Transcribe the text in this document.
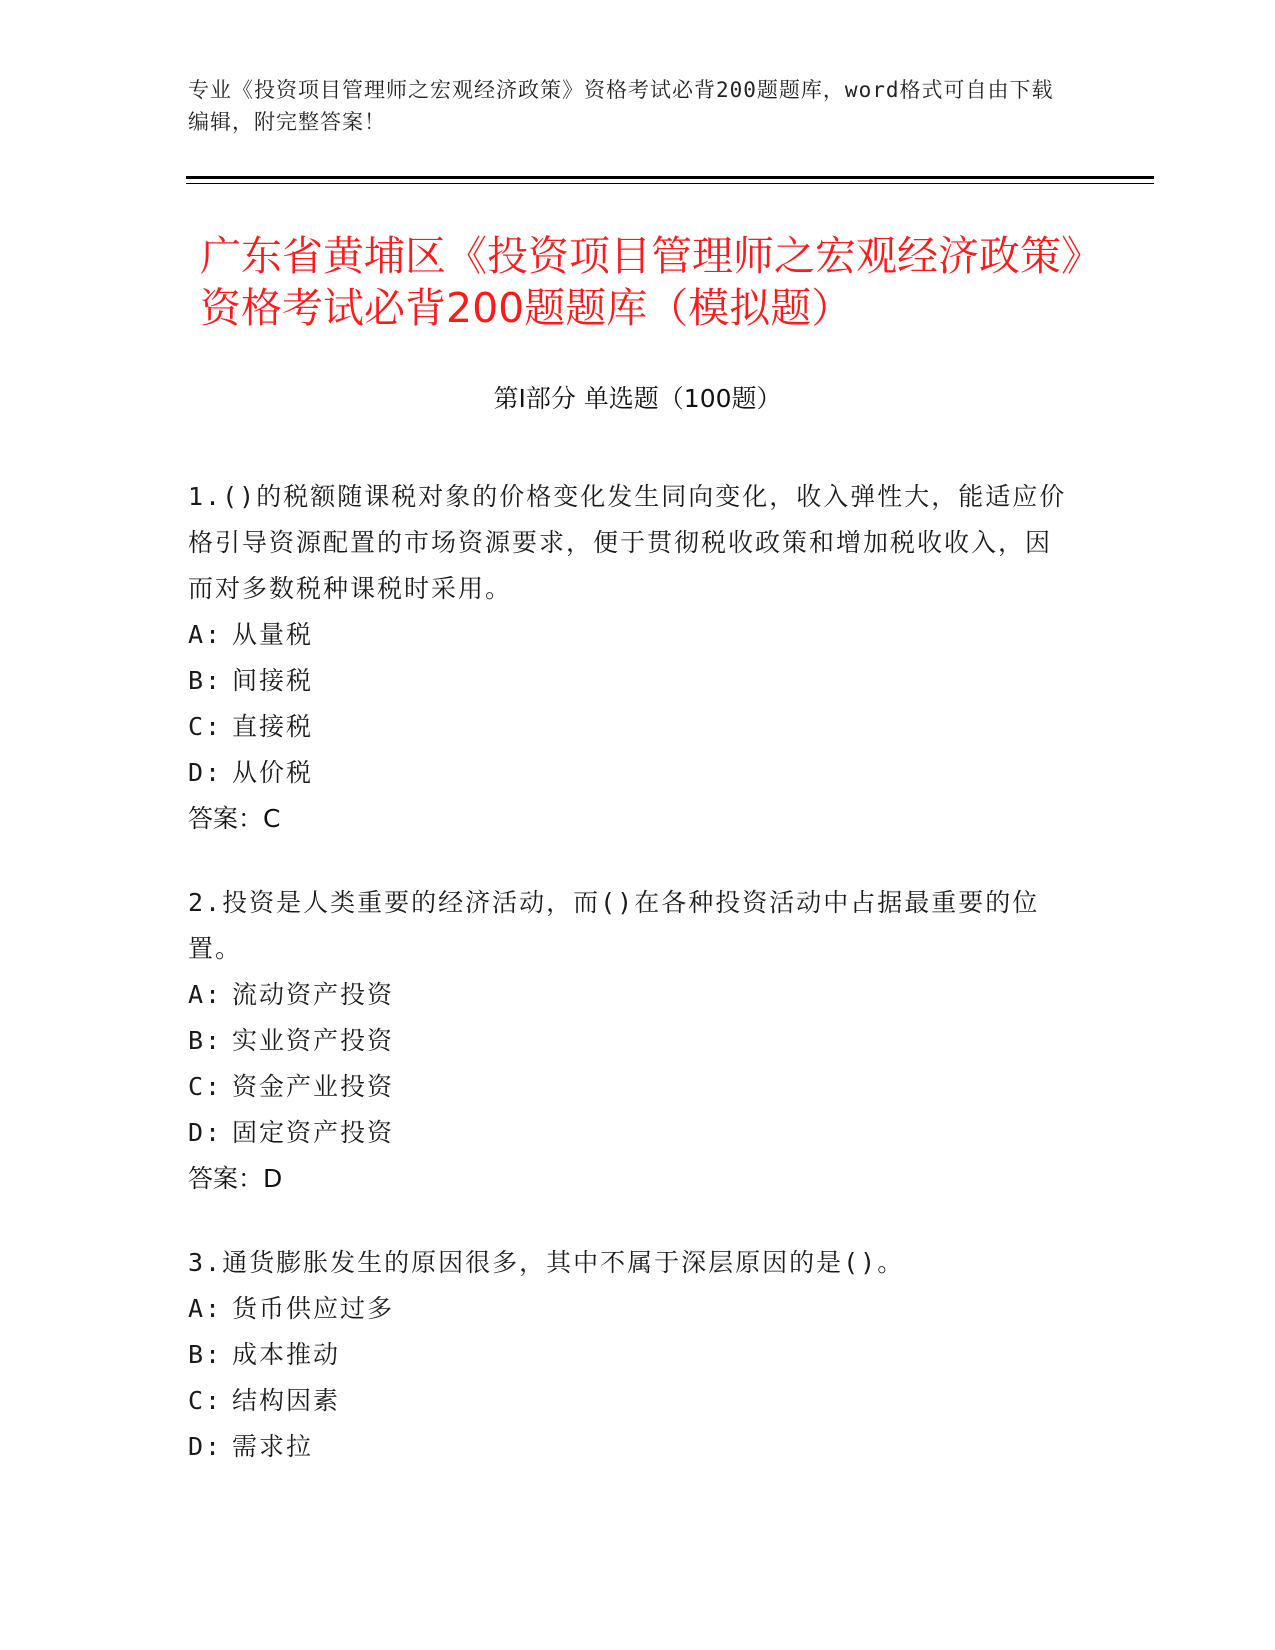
专业《投资项目管理师之宏观经济政策》资格考试必背200题题库，word格式可自由下载编辑，附完整答案！
广东省黄埔区《投资项目管理师之宏观经济政策》资格考试必背200题题库（模拟题）
第I部分 单选题（100题）

1.()的税额随课税对象的价格变化发生同向变化，收入弹性大，能适应价格引导资源配置的市场资源要求，便于贯彻税收政策和增加税收收入，因而对多数税种课税时采用。

A: 从量税

B: 间接税

C: 直接税

D: 从价税

答案：C

2.投资是人类重要的经济活动，而()在各种投资活动中占据最重要的位置。

A: 流动资产投资

B: 实业资产投资

C: 资金产业投资

D: 固定资产投资

答案：D

3.通货膨胀发生的原因很多，其中不属于深层原因的是()。

A: 货币供应过多

B: 成本推动

C: 结构因素

D: 需求拉
